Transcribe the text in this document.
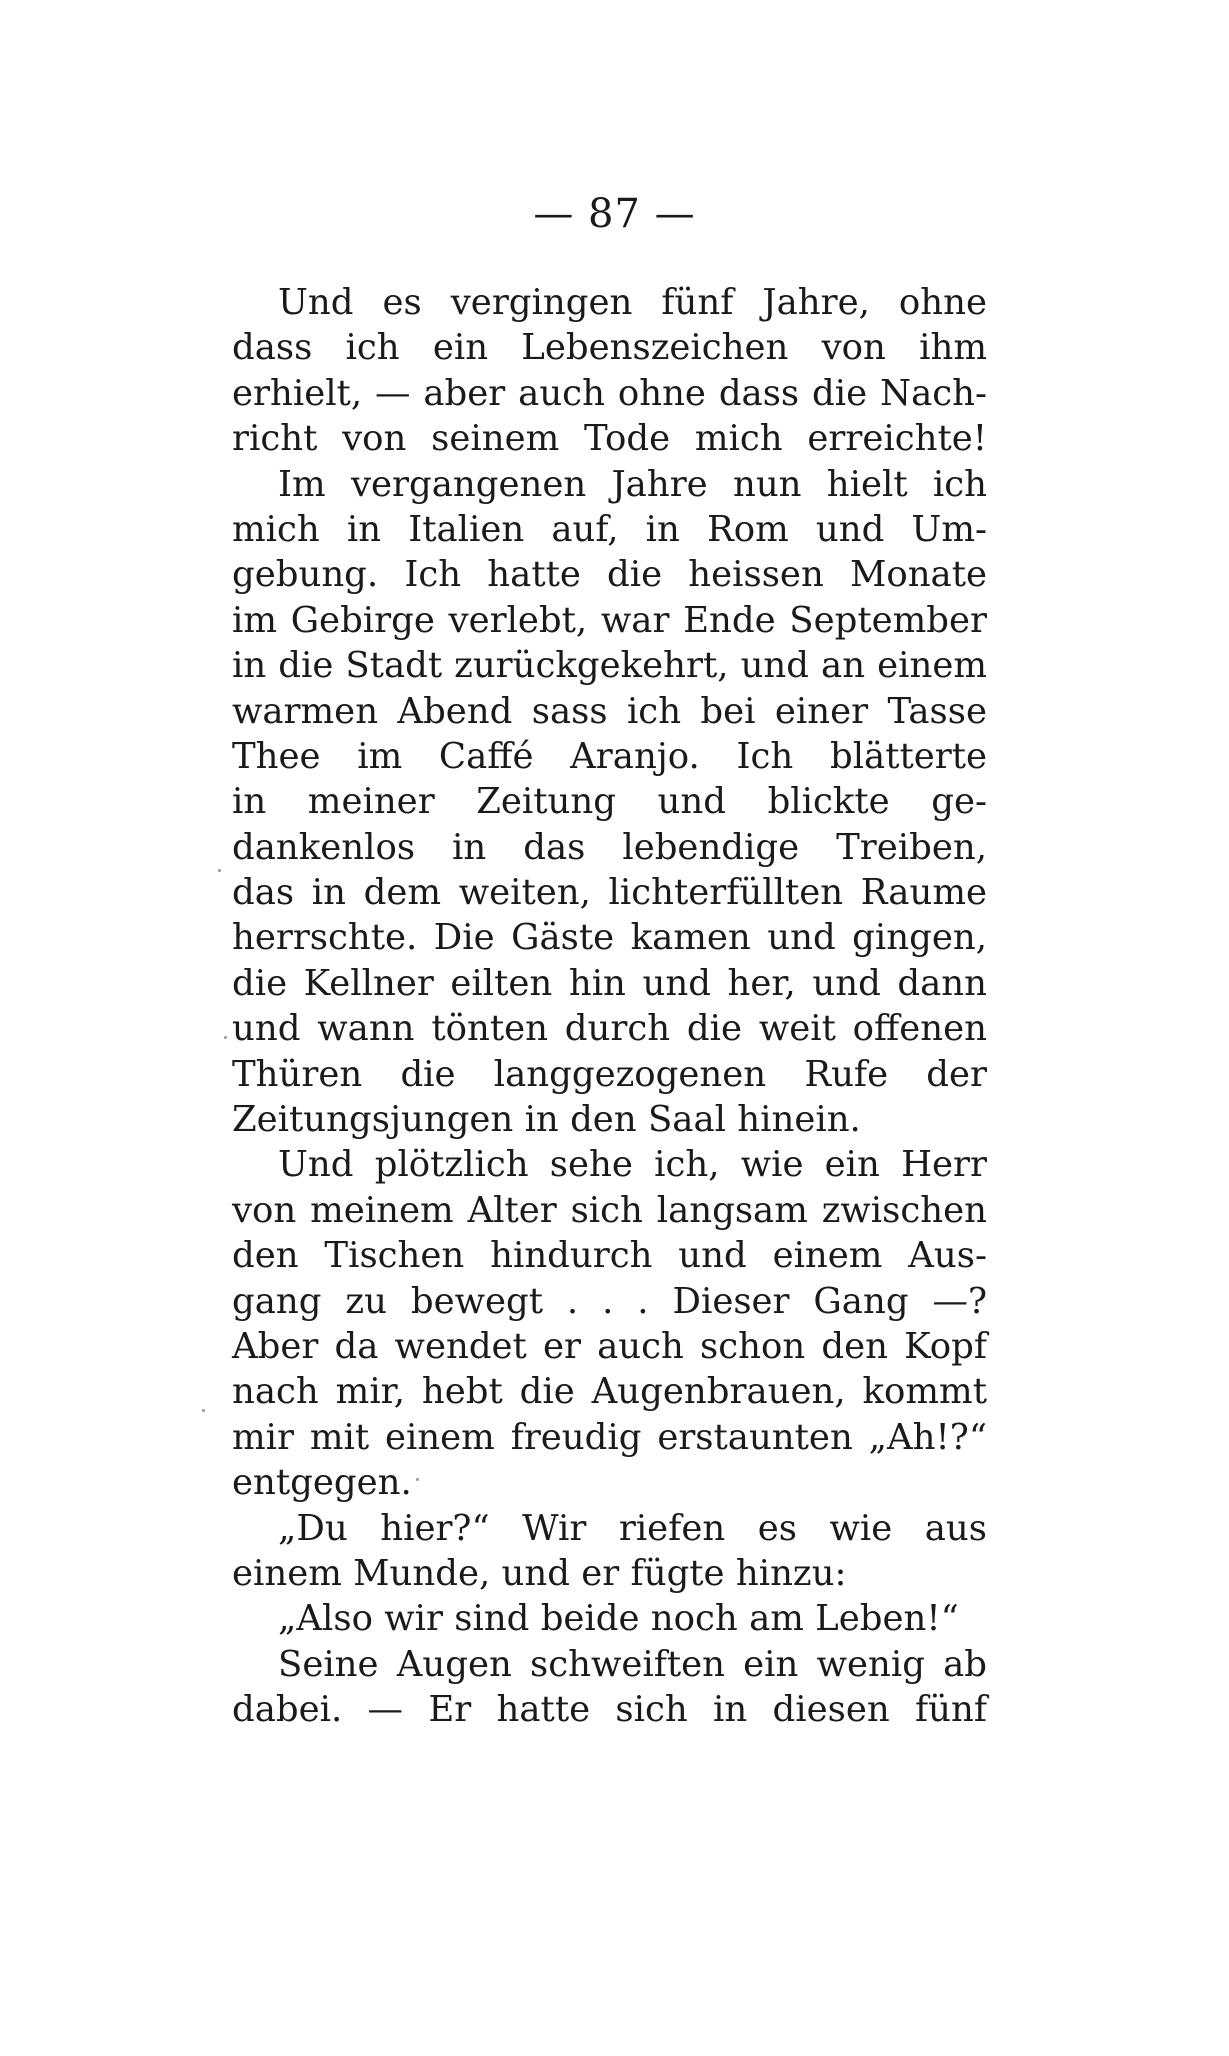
— 87 —
Und es vergingen fünf Jahre, ohne
dass ich ein Lebenszeichen von ihm
erhielt, — aber auch ohne dass die Nach-
richt von seinem Tode mich erreichte!
Im vergangenen Jahre nun hielt ich
mich in Italien auf, in Rom und Um-
gebung. Ich hatte die heissen Monate
im Gebirge verlebt, war Ende September
in die Stadt zurückgekehrt, und an einem
warmen Abend sass ich bei einer Tasse
Thee im Caffé Aranjo. Ich blätterte
in meiner Zeitung und blickte ge-
dankenlos in das lebendige Treiben,
das in dem weiten, lichterfüllten Raume
herrschte. Die Gäste kamen und gingen,
die Kellner eilten hin und her, und dann
und wann tönten durch die weit offenen
Thüren die langgezogenen Rufe der
Zeitungsjungen in den Saal hinein.
Und plötzlich sehe ich, wie ein Herr
von meinem Alter sich langsam zwischen
den Tischen hindurch und einem Aus-
gang zu bewegt . . . Dieser Gang —?
Aber da wendet er auch schon den Kopf
nach mir, hebt die Augenbrauen, kommt
mir mit einem freudig erstaunten „Ah!?“
entgegen.
„Du hier?“ Wir riefen es wie aus
einem Munde, und er fügte hinzu:
„Also wir sind beide noch am Leben!“
Seine Augen schweiften ein wenig ab
dabei. — Er hatte sich in diesen fünf
